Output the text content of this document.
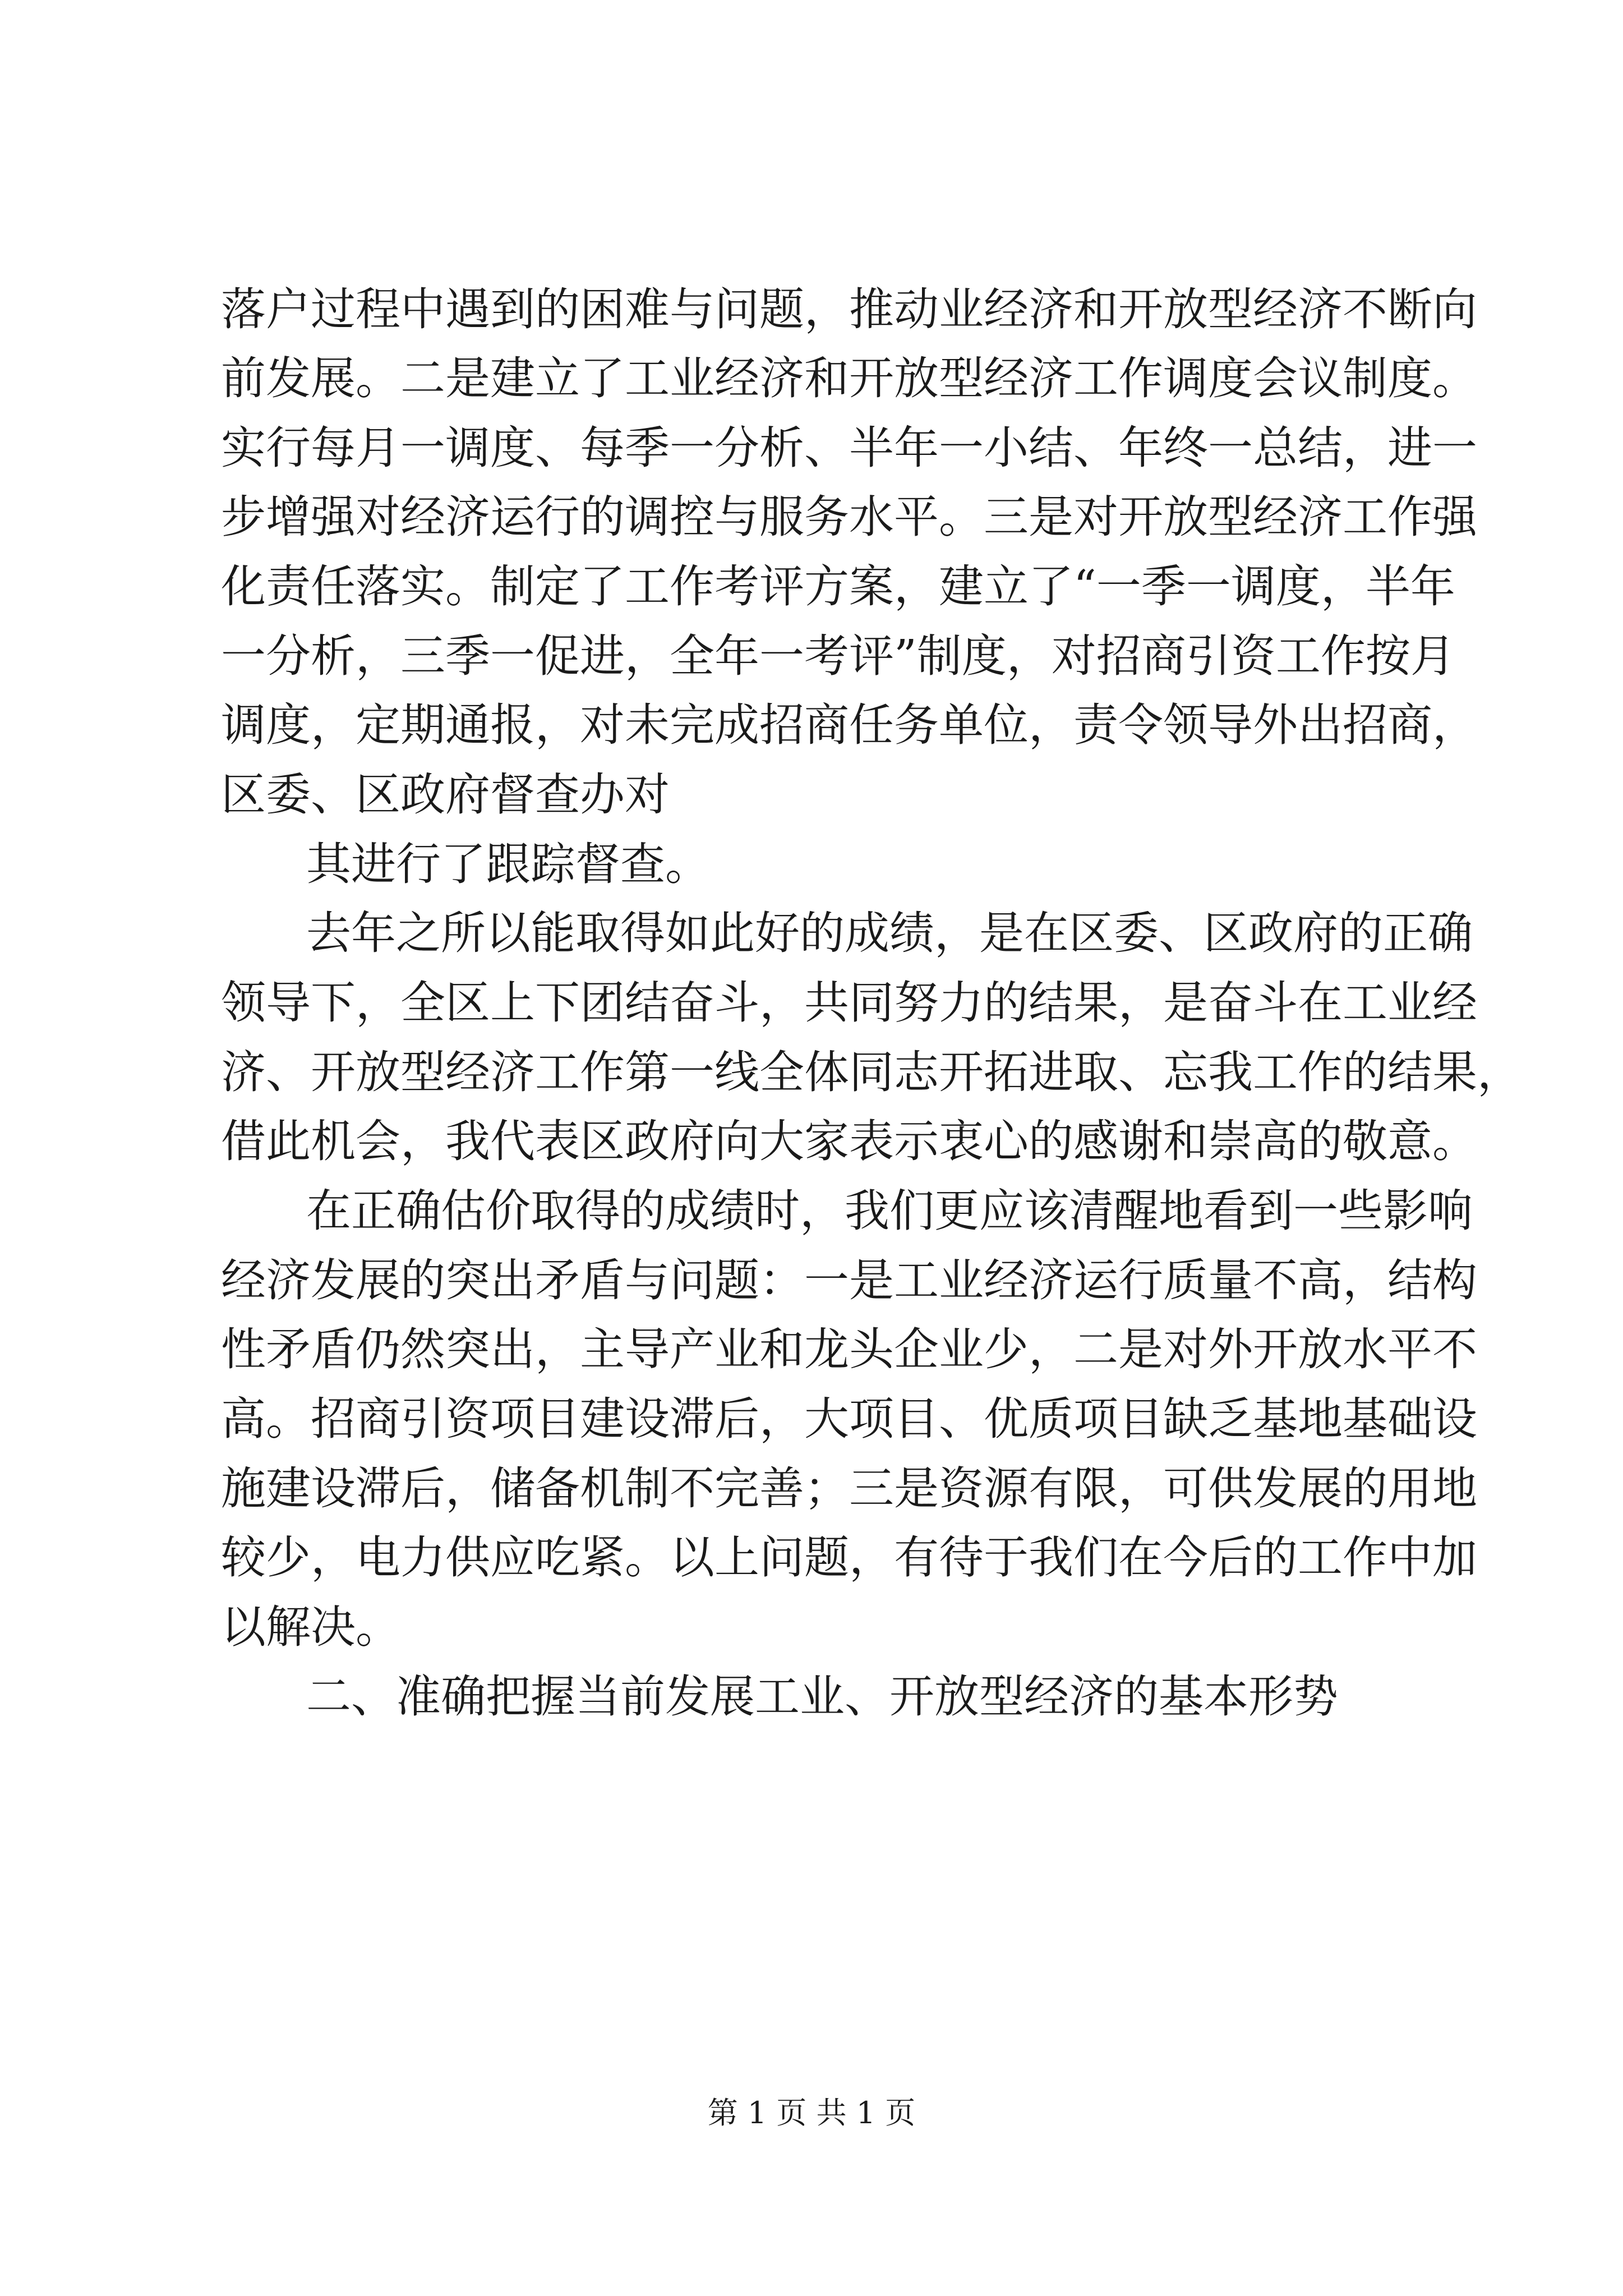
落户过程中遇到的困难与问题，推动业经济和开放型经济不断向
前发展。二是建立了工业经济和开放型经济工作调度会议制度。
实行每月一调度、每季一分析、半年一小结、年终一总结，进一
步增强对经济运行的调控与服务水平。三是对开放型经济工作强
化责任落实。制定了工作考评方案，建立了“一季一调度，半年
一分析，三季一促进，全年一考评”制度，对招商引资工作按月
调度，定期通报，对未完成招商任务单位，责令领导外出招商，
区委、区政府督查办对
其进行了跟踪督查。
去年之所以能取得如此好的成绩，是在区委、区政府的正确
领导下，全区上下团结奋斗，共同努力的结果，是奋斗在工业经
济、开放型经济工作第一线全体同志开拓进取、忘我工作的结果，
借此机会，我代表区政府向大家表示衷心的感谢和崇高的敬意。
在正确估价取得的成绩时，我们更应该清醒地看到一些影响
经济发展的突出矛盾与问题：一是工业经济运行质量不高，结构
性矛盾仍然突出，主导产业和龙头企业少，二是对外开放水平不
高。招商引资项目建设滞后，大项目、优质项目缺乏基地基础设
施建设滞后，储备机制不完善；三是资源有限，可供发展的用地
较少，电力供应吃紧。以上问题，有待于我们在今后的工作中加
以解决。
二、准确把握当前发展工业、开放型经济的基本形势
第 1 页 共 1 页
